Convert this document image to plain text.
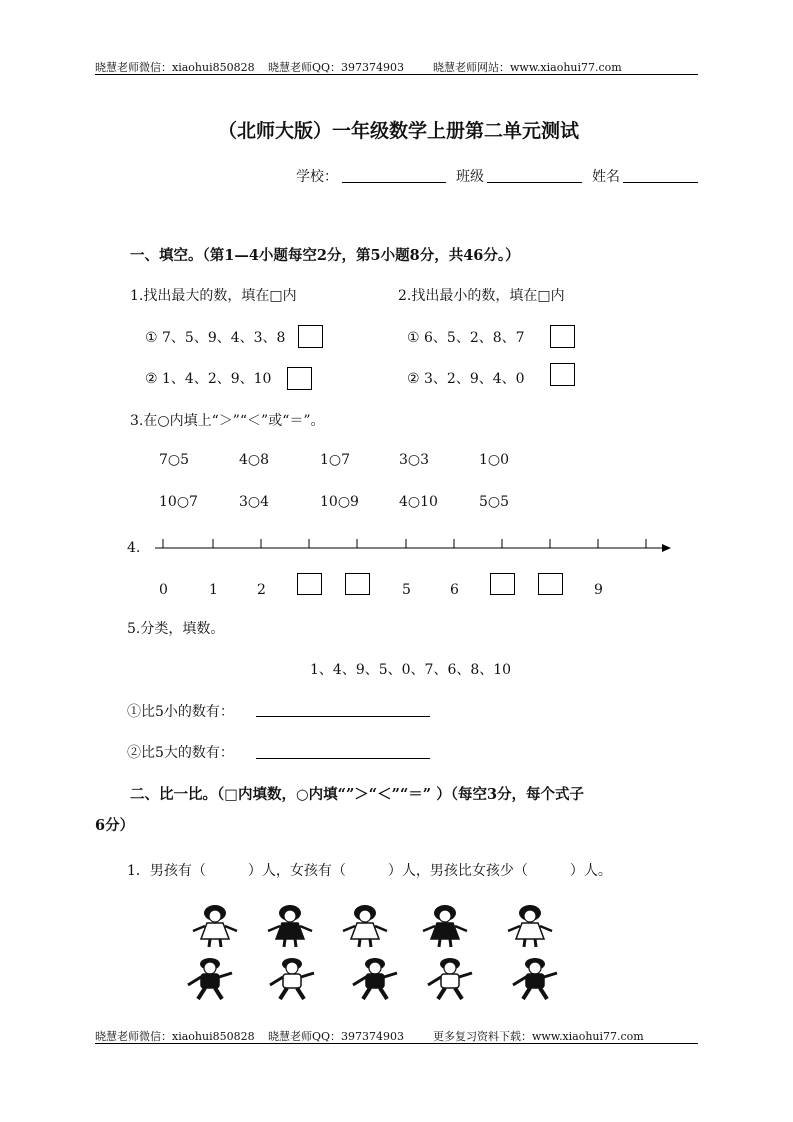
晓慧老师微信：xiaohui850828 晓慧老师QQ：397374903	晓慧老师网站：www.xiaohui77.com
（北师大版）一年级数学上册第二单元测试
学校：	班级	姓名
一、填空。（第1—4小题每空2分，第5小题8分，共46分。）
1.找出最大的数，填在□内	2.找出最小的数，填在□内
① 7、5、9、4、3、8	① 6、5、2、8、7
② 1、4、2、9、10	② 3、2、9、4、0
3.在○内填上“＞”“＜”或“＝”。
7○5	4○8	1○7	3○3	1○0
10○7	3○4	10○9	4○10	5○5
4.
0	1	2	5	6	9
5.分类，填数。
1、4、9、5、0、7、6、8、10
①比5小的数有：
②比5大的数有：
二、比一比。（□内填数，○内填“”＞“＜”“＝” ）（每空3分，每个式子
6分）
1．男孩有（　　　）人，女孩有（　　　）人，男孩比女孩少（　　　）人。
晓慧老师微信：xiaohui850828 晓慧老师QQ：397374903	更多复习资料下载：www.xiaohui77.com
